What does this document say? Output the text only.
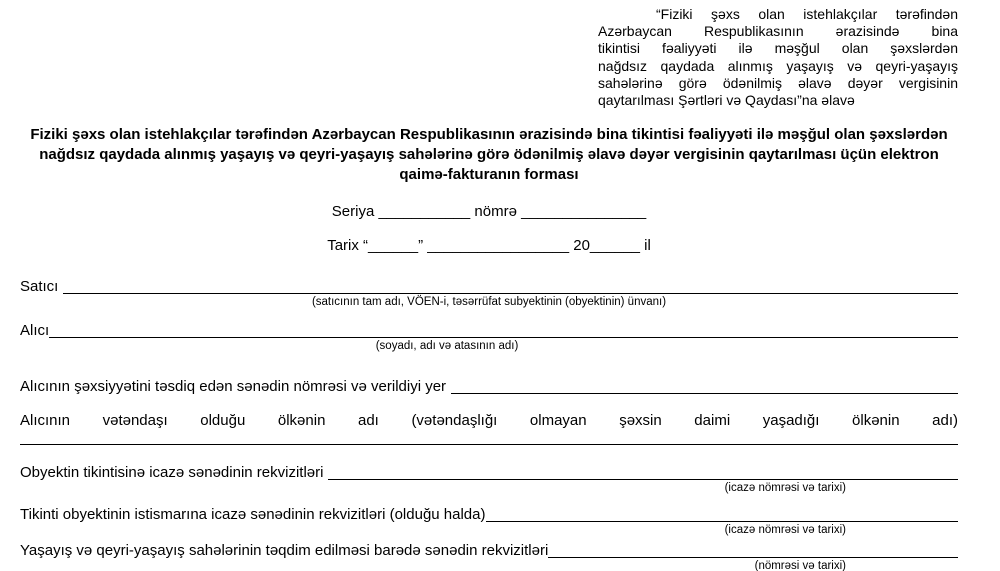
“Fiziki şəxs olan istehlakçılar tərəfindən
Azərbaycan Respublikasının ərazisində bina
tikintisi fəaliyyəti ilə məşğul olan şəxslərdən
nağdsız qaydada alınmış yaşayış və qeyri-yaşayış
sahələrinə görə ödənilmiş əlavə dəyər vergisinin
qaytarılması Şərtləri və Qaydası”na əlavə
Fiziki şəxs olan istehlakçılar tərəfindən Azərbaycan Respublikasının ərazisində bina tikintisi fəaliyyəti ilə məşğul olan şəxslərdən nağdsız qaydada alınmış yaşayış və qeyri-yaşayış sahələrinə görə ödənilmiş əlavə dəyər vergisinin qaytarılması üçün elektron qaimə-fakturanın forması
Seriya ___________ nömrə _______________
Tarix “______” _________________ 20______ il
Satıcı
(satıcının tam adı, VÖEN-i, təsərrüfat subyektinin (obyektinin) ünvanı)
Alıcı
(soyadı, adı və atasının adı)
Alıcının şəxsiyyətini təsdiq edən sənədin nömrəsi və verildiyi yer
Alıcının vətəndaşı olduğu ölkənin adı (vətəndaşlığı olmayan şəxsin daimi yaşadığı ölkənin adı)
Obyektin tikintisinə icazə sənədinin rekvizitləri
(icazə nömrəsi və tarixi)
Tikinti obyektinin istismarına icazə sənədinin rekvizitləri (olduğu halda)
(icazə nömrəsi və tarixi)
Yaşayış və qeyri-yaşayış sahələrinin təqdim edilməsi barədə sənədin rekvizitləri
(nömrəsi və tarixi)
